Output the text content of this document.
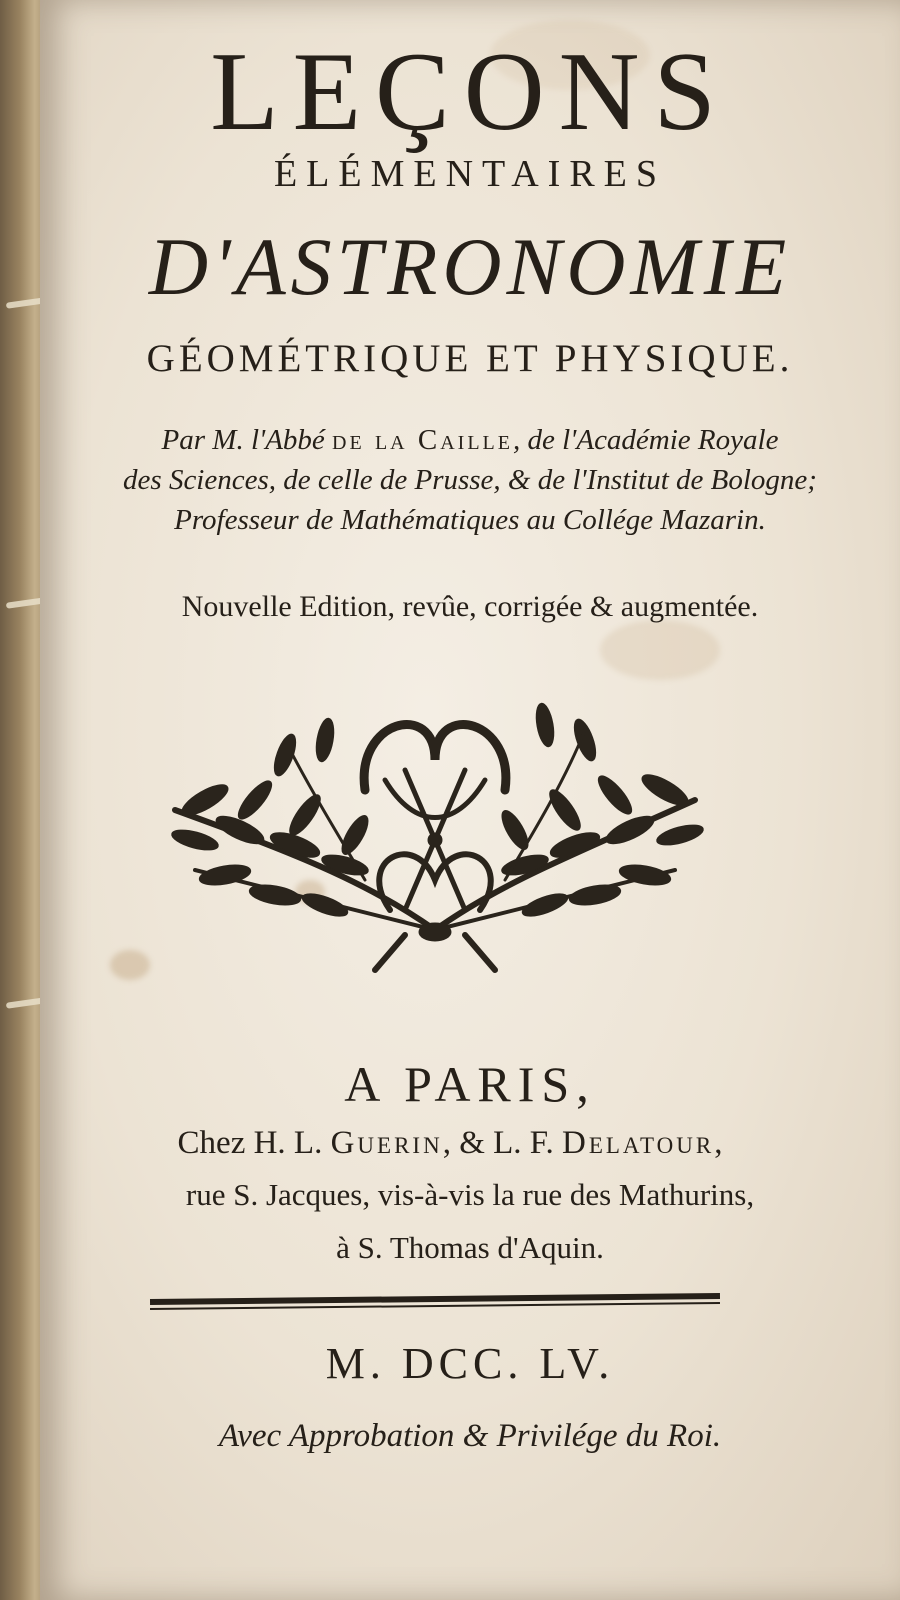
LEÇONS
ÉLÉMENTAIRES
D'ASTRONOMIE
GÉOMÉTRIQUE ET PHYSIQUE.
Par M. l'Abbé de la Caille, de l'Académie Royale
des Sciences, de celle de Prusse, & de l'Institut de Bologne;
Professeur de Mathématiques au Collége Mazarin.
Nouvelle Edition, revûe, corrigée & augmentée.
A PARIS,
Chez H. L. Guerin, & L. F. Delatour,
rue S. Jacques, vis-à-vis la rue des Mathurins,
à S. Thomas d'Aquin.
M. DCC. LV.
Avec Approbation & Privilége du Roi.
